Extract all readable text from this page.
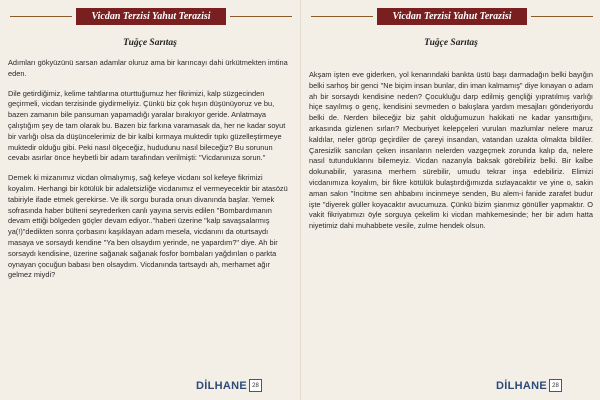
Vicdan Terzisi Yahut Terazisi
Tuğçe Sarıtaş

Adımları gökyüzünü sarsan adamlar oluruz ama bir karıncayı dahi ürkütmekten imtina eden.

Dile getirdiğimiz, kelime tahtlarına oturttuğumuz her fikrimizi, kalp süzgecinden geçirmeli, vicdan terzisinde giydirmeliyiz. Çünkü biz çok hışın düşünüyoruz ve bu, bazen zamanın bile pansuman yapamadığı yaralar bırakıyor geride. Anlatmaya çalıştığım şey de tam olarak bu. Bazen biz farkına varamasak da, her ne kadar soyut bir varlığı olsa da düşüncelerimiz de bir kalbi kırmaya muktedir tıpkı güzelleştirmeye muktedir olduğu gibi. Peki nasıl ölçeceğiz, hududunu nasıl bileceğiz? Bu sorunun cevabı asırlar önce heybetli bir adam tarafından verilmişti: "Vicdanınıza sorun."

Demek ki mizanımız vicdan olmalıymış, sağ kefeye vicdanı sol kefeye fikrimizi koyalım. Herhangi bir kötülük bir adaletsizliğe vicdanımız el vermeyecektir bir atasözü tabiriyle ifade etmek gerekirse. Ve ilk sorgu burada onun divanında başlar. Yemek sofrasında haber bülteni seyrederken canlı yayına servis edilen "Bombardımanın devam ettiği bölgeden göçler devam ediyor.."haberi üzerine "kalp savaşsalarmış ya(!)"dedikten sonra çorbasını kaşıklayan adam mesela, vicdanını da oturtsaydı masaya ve sorsaydı kendine "Ya ben olsaydım yerinde, ne yapardım?" diye. Ah bir sorsaydı kendisine, üzerine sağanak sağanak fosfor bombaları yağdırılan o parkta oynayan çocuğun babası ben olsaydım. Vicdanında tartsaydı ah, merhamet ağır gelmez miydi?

DİLHANE 28
Vicdan Terzisi Yahut Terazisi
Tuğçe Sarıtaş

Akşam işten eve giderken, yol kenarındaki bankta üstü başı darmadağın belki bayığın belki sarhoş bir genci "Ne biçim insan bunlar, din iman kalmamış" diye kınayan o adam ah bir sorsaydı kendisine neden? Çocukluğu darp edilmiş gençliği yıpratılmış varlığı hiçe sayılmış o genç, kendisini sevmeden o bakışlara yardım mesajları gönderiyordu belki de. Nerden bileceğiz biz şahit olduğumuzun hakikati ne kadar yansıttığını, arkasında gizlenen sırları? Mecburiyet kelepçeleri vurulan mazlumlar nelere maruz kaldılar, neler görüp geçirdiler de çareyi insandan, vatandan uzakta olmakta bildiler. Çaresizlik sancıları çeken insanların nelerden vazgeçmek zorunda kalıp da, nelere nasıl tutunduklarını bilemeyiz. Vicdan nazarıyla baksak görebiliriz belki. Bir kalbe dokunabilir, yarasına merhem sürebilir, umudu tekrar inşa edebiliriz. Elimizi vicdanımıza koyalım, bir fikre kötülük bulaştırdığımızda sızlayacaktır ve yine o, sakin aman sakın "İncitme sen ahbabını incinmeye senden, Bu alem-i fanide zarafet budur işte "diyerek güller koyacaktır avucumuza. Çünkü bizim şiarımız gönüller yapmaktır. O vakit fikriyatımızı öyle sorguya çekelim ki vicdan mahkemesinde; her bir adım hatta niyetimiz dahi muhabbete vesile, zulme hendek olsun.

DİLHANE 28
